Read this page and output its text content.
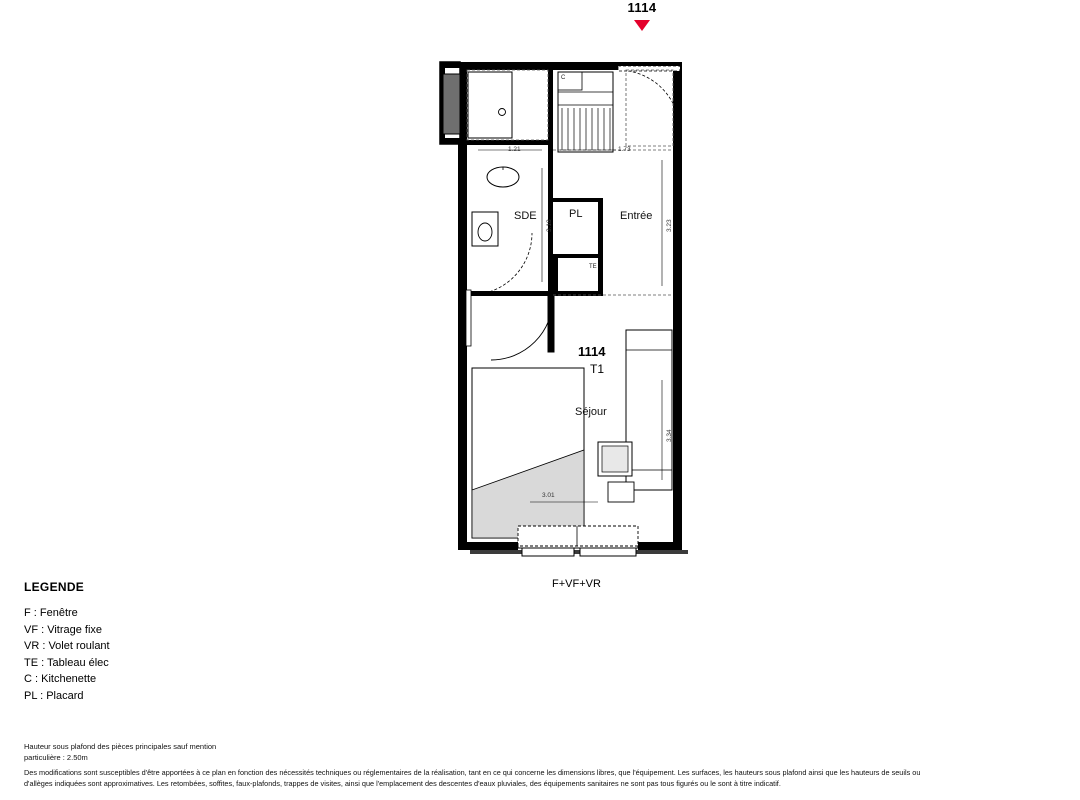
1114
1.21	1.73
3.18	3.23
3.34
3.01
C
SDE	PL	Entrée
TE
1114
T1
Séjour
F+VF+VR
LEGENDE
F : Fenêtre
VF : Vitrage fixe
VR : Volet roulant
TE : Tableau élec
C : Kitchenette
PL : Placard
Hauteur sous plafond des pièces principales sauf mention
particulière : 2.50m
Des modifications sont susceptibles d'être apportées à ce plan en fonction des nécessités techniques ou réglementaires de la réalisation, tant en ce qui concerne les dimensions libres, que l'équipement. Les surfaces, les hauteurs sous plafond ainsi que les hauteurs de seuils ou
d'allèges indiquées sont approximatives. Les retombées, soffites, faux-plafonds, trappes de visites, ainsi que l'emplacement des descentes d'eaux pluviales, des équipements sanitaires ne sont pas tous figurés ou le sont à titre indicatif.
